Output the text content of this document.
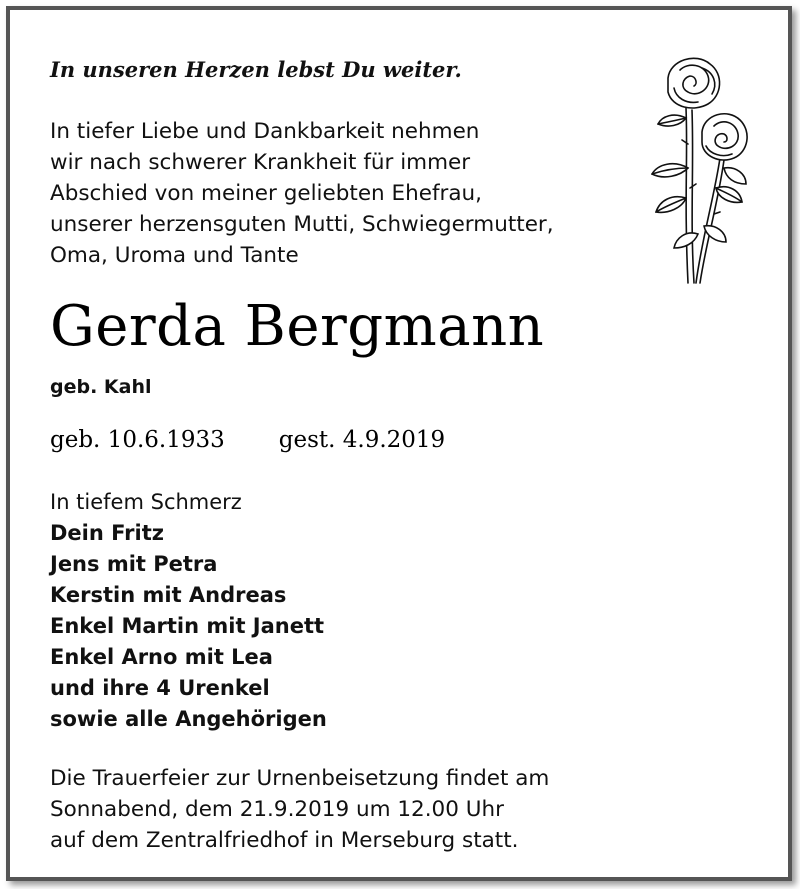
In unseren Herzen lebst Du weiter.
In tiefer Liebe und Dankbarkeit nehmen
wir nach schwerer Krankheit für immer
Abschied von meiner geliebten Ehefrau,
unserer herzensguten Mutti, Schwiegermutter,
Oma, Uroma und Tante
Gerda Bergmann
geb. Kahl
geb. 10.6.1933 gest. 4.9.2019
In tiefem Schmerz
Dein Fritz
Jens mit Petra
Kerstin mit Andreas
Enkel Martin mit Janett
Enkel Arno mit Lea
und ihre 4 Urenkel
sowie alle Angehörigen
Die Trauerfeier zur Urnenbeisetzung findet am
Sonnabend, dem 21.9.2019 um 12.00 Uhr
auf dem Zentralfriedhof in Merseburg statt.
